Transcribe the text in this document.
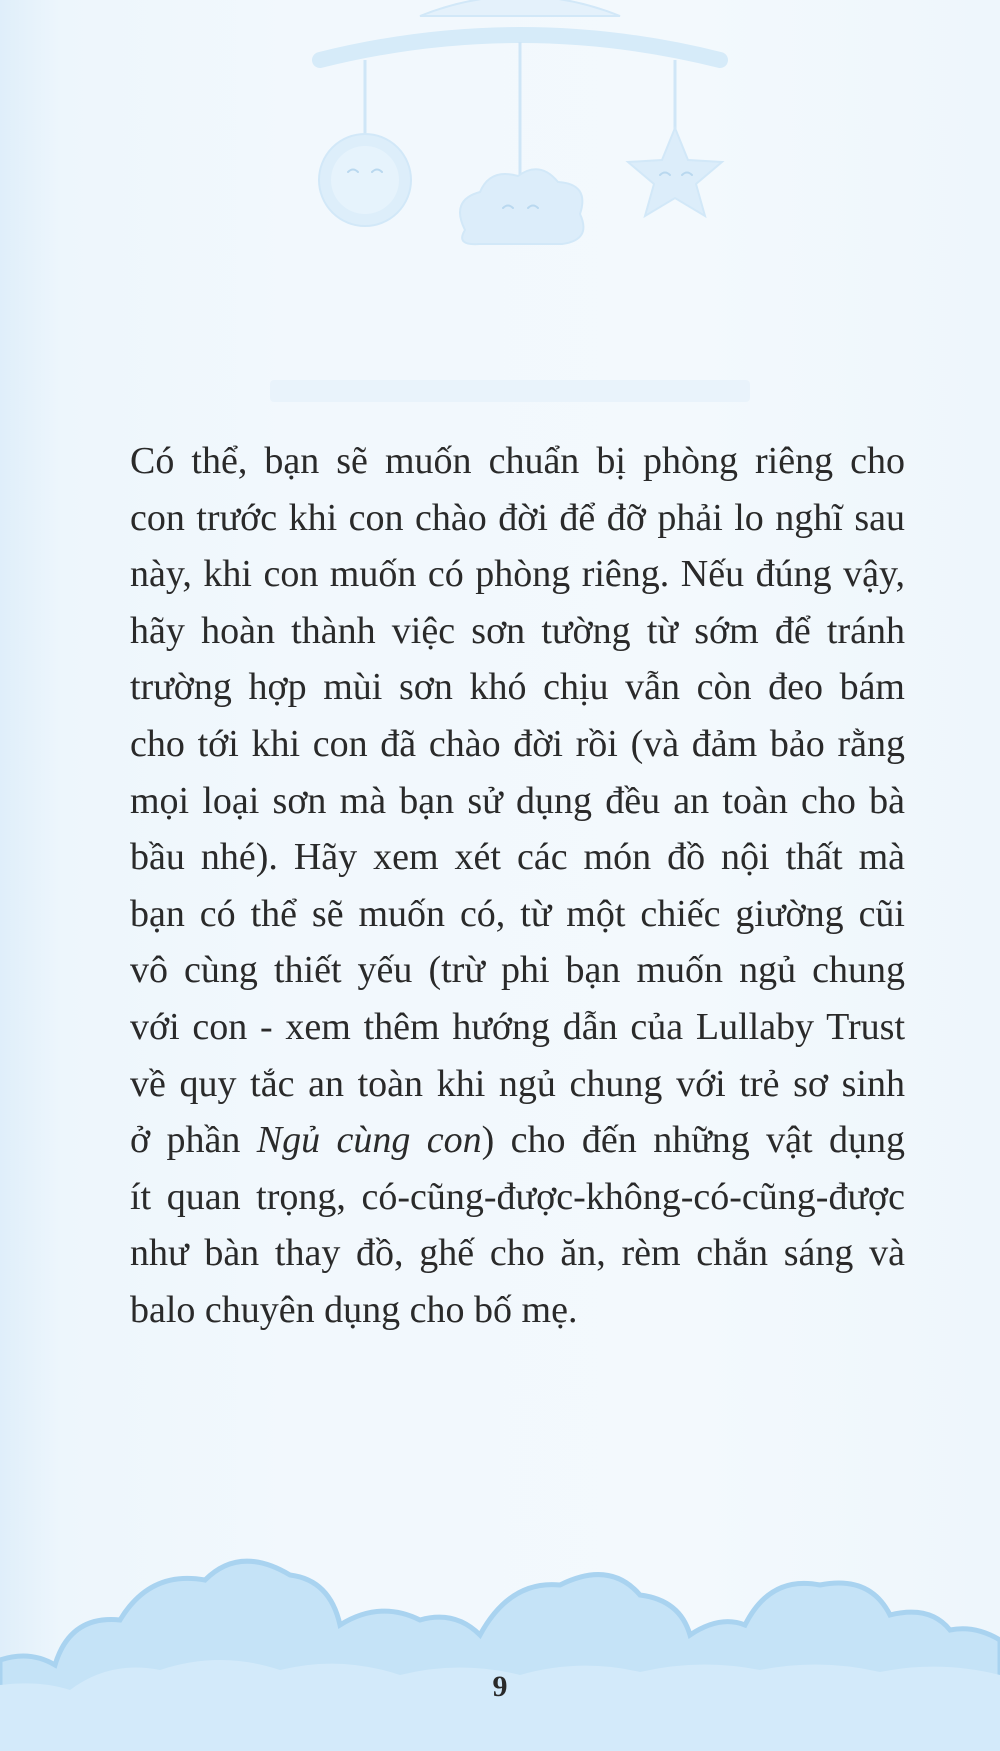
Có thể, bạn sẽ muốn chuẩn bị phòng riêng cho
con trước khi con chào đời để đỡ phải lo nghĩ sau
này, khi con muốn có phòng riêng. Nếu đúng vậy,
hãy hoàn thành việc sơn tường từ sớm để tránh
trường hợp mùi sơn khó chịu vẫn còn đeo bám
cho tới khi con đã chào đời rồi (và đảm bảo rằng
mọi loại sơn mà bạn sử dụng đều an toàn cho bà
bầu nhé). Hãy xem xét các món đồ nội thất mà
bạn có thể sẽ muốn có, từ một chiếc giường cũi
vô cùng thiết yếu (trừ phi bạn muốn ngủ chung
với con - xem thêm hướng dẫn của Lullaby Trust
về quy tắc an toàn khi ngủ chung với trẻ sơ sinh
ở phần Ngủ cùng con) cho đến những vật dụng
ít quan trọng, có-cũng-được-không-có-cũng-được
như bàn thay đồ, ghế cho ăn, rèm chắn sáng và
balo chuyên dụng cho bố mẹ.
9
